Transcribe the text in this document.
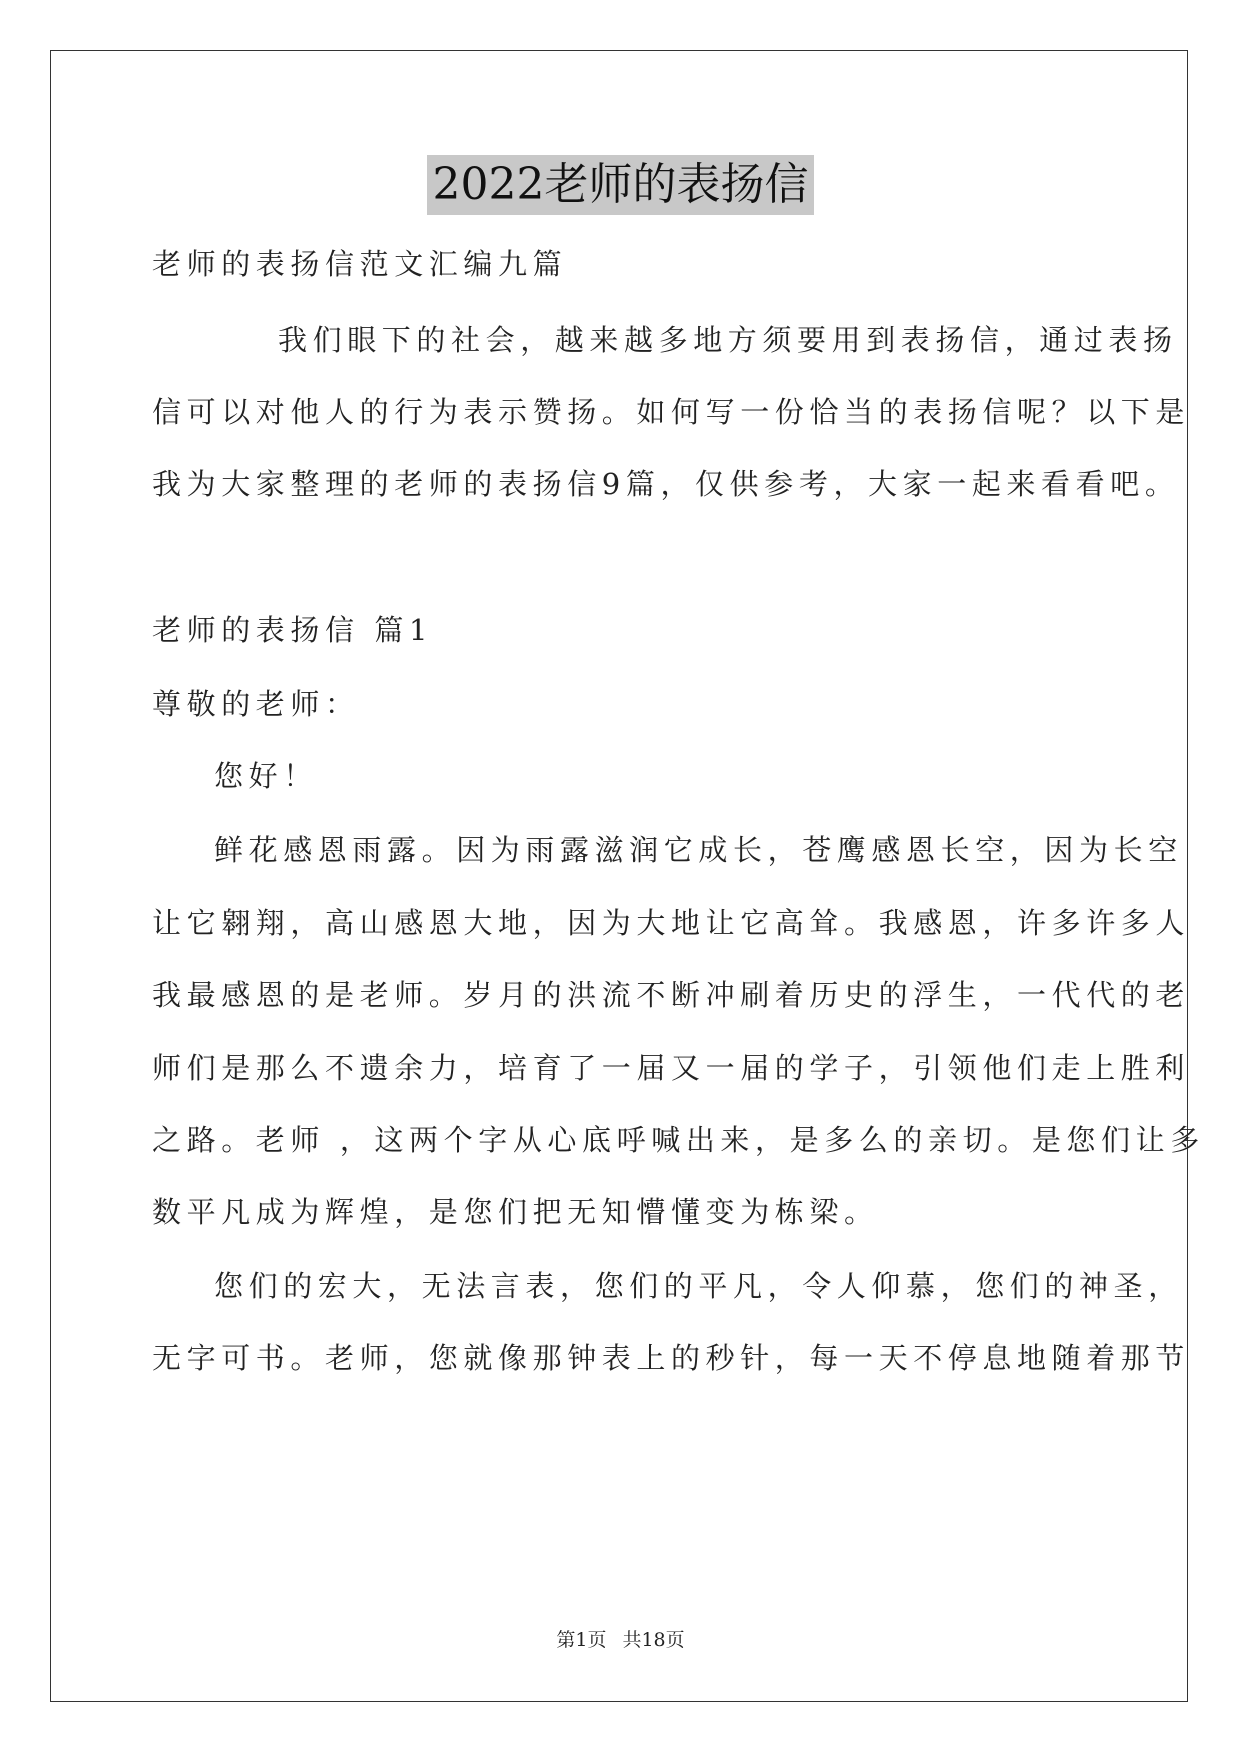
2022老师的表扬信
老师的表扬信范文汇编九篇
我们眼下的社会，越来越多地方须要用到表扬信，通过表扬
信可以对他人的行为表示赞扬。如何写一份恰当的表扬信呢？以下是
我为大家整理的老师的表扬信9篇，仅供参考，大家一起来看看吧。
老师的表扬信 篇1
尊敬的老师：
您好！
鲜花感恩雨露。因为雨露滋润它成长，苍鹰感恩长空，因为长空
让它翱翔，高山感恩大地，因为大地让它高耸。我感恩，许多许多人
我最感恩的是老师。岁月的洪流不断冲刷着历史的浮生，一代代的老
师们是那么不遗余力，培育了一届又一届的学子，引领他们走上胜利
之路。老师 ，这两个字从心底呼喊出来，是多么的亲切。是您们让多
数平凡成为辉煌，是您们把无知懵懂变为栋梁。
您们的宏大，无法言表，您们的平凡，令人仰慕，您们的神圣，
无字可书。老师，您就像那钟表上的秒针，每一天不停息地随着那节
第1页 共18页
